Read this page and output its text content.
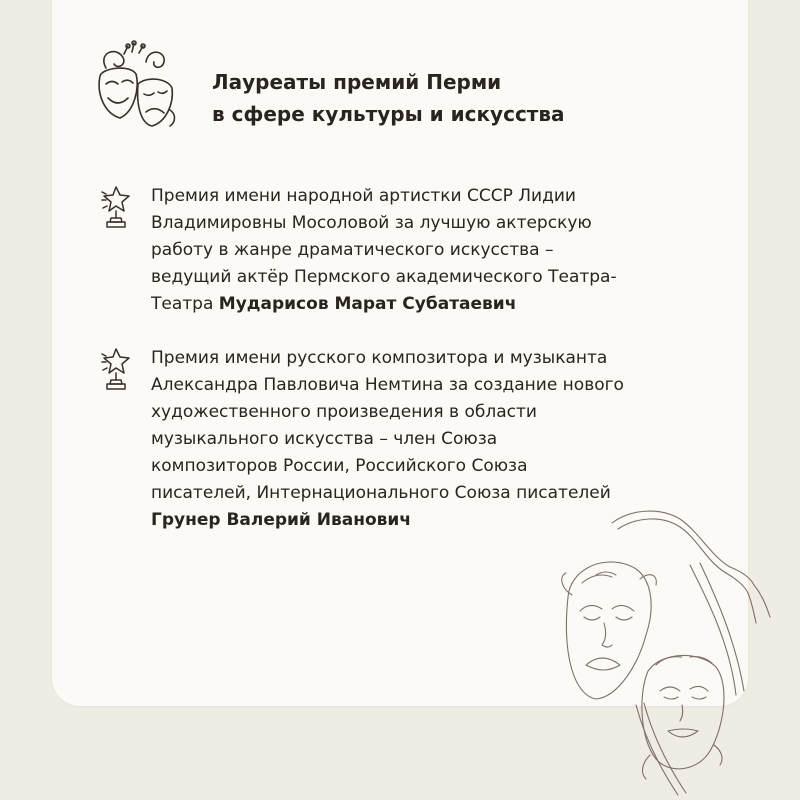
Лауреаты премий Перми
в сфере культуры и искусства

Премия имени народной артистки СССР Лидии
Владимировны Мосоловой за лучшую актерскую
работу в жанре драматического искусства –
ведущий актёр Пермского академического Театра-
Театра Мударисов Марат Субатаевич

Премия имени русского композитора и музыканта
Александра Павловича Немтина за создание нового
художественного произведения в области
музыкального искусства – член Союза
композиторов России, Российского Союза
писателей, Интернационального Союза писателей
Грунер Валерий Иванович
